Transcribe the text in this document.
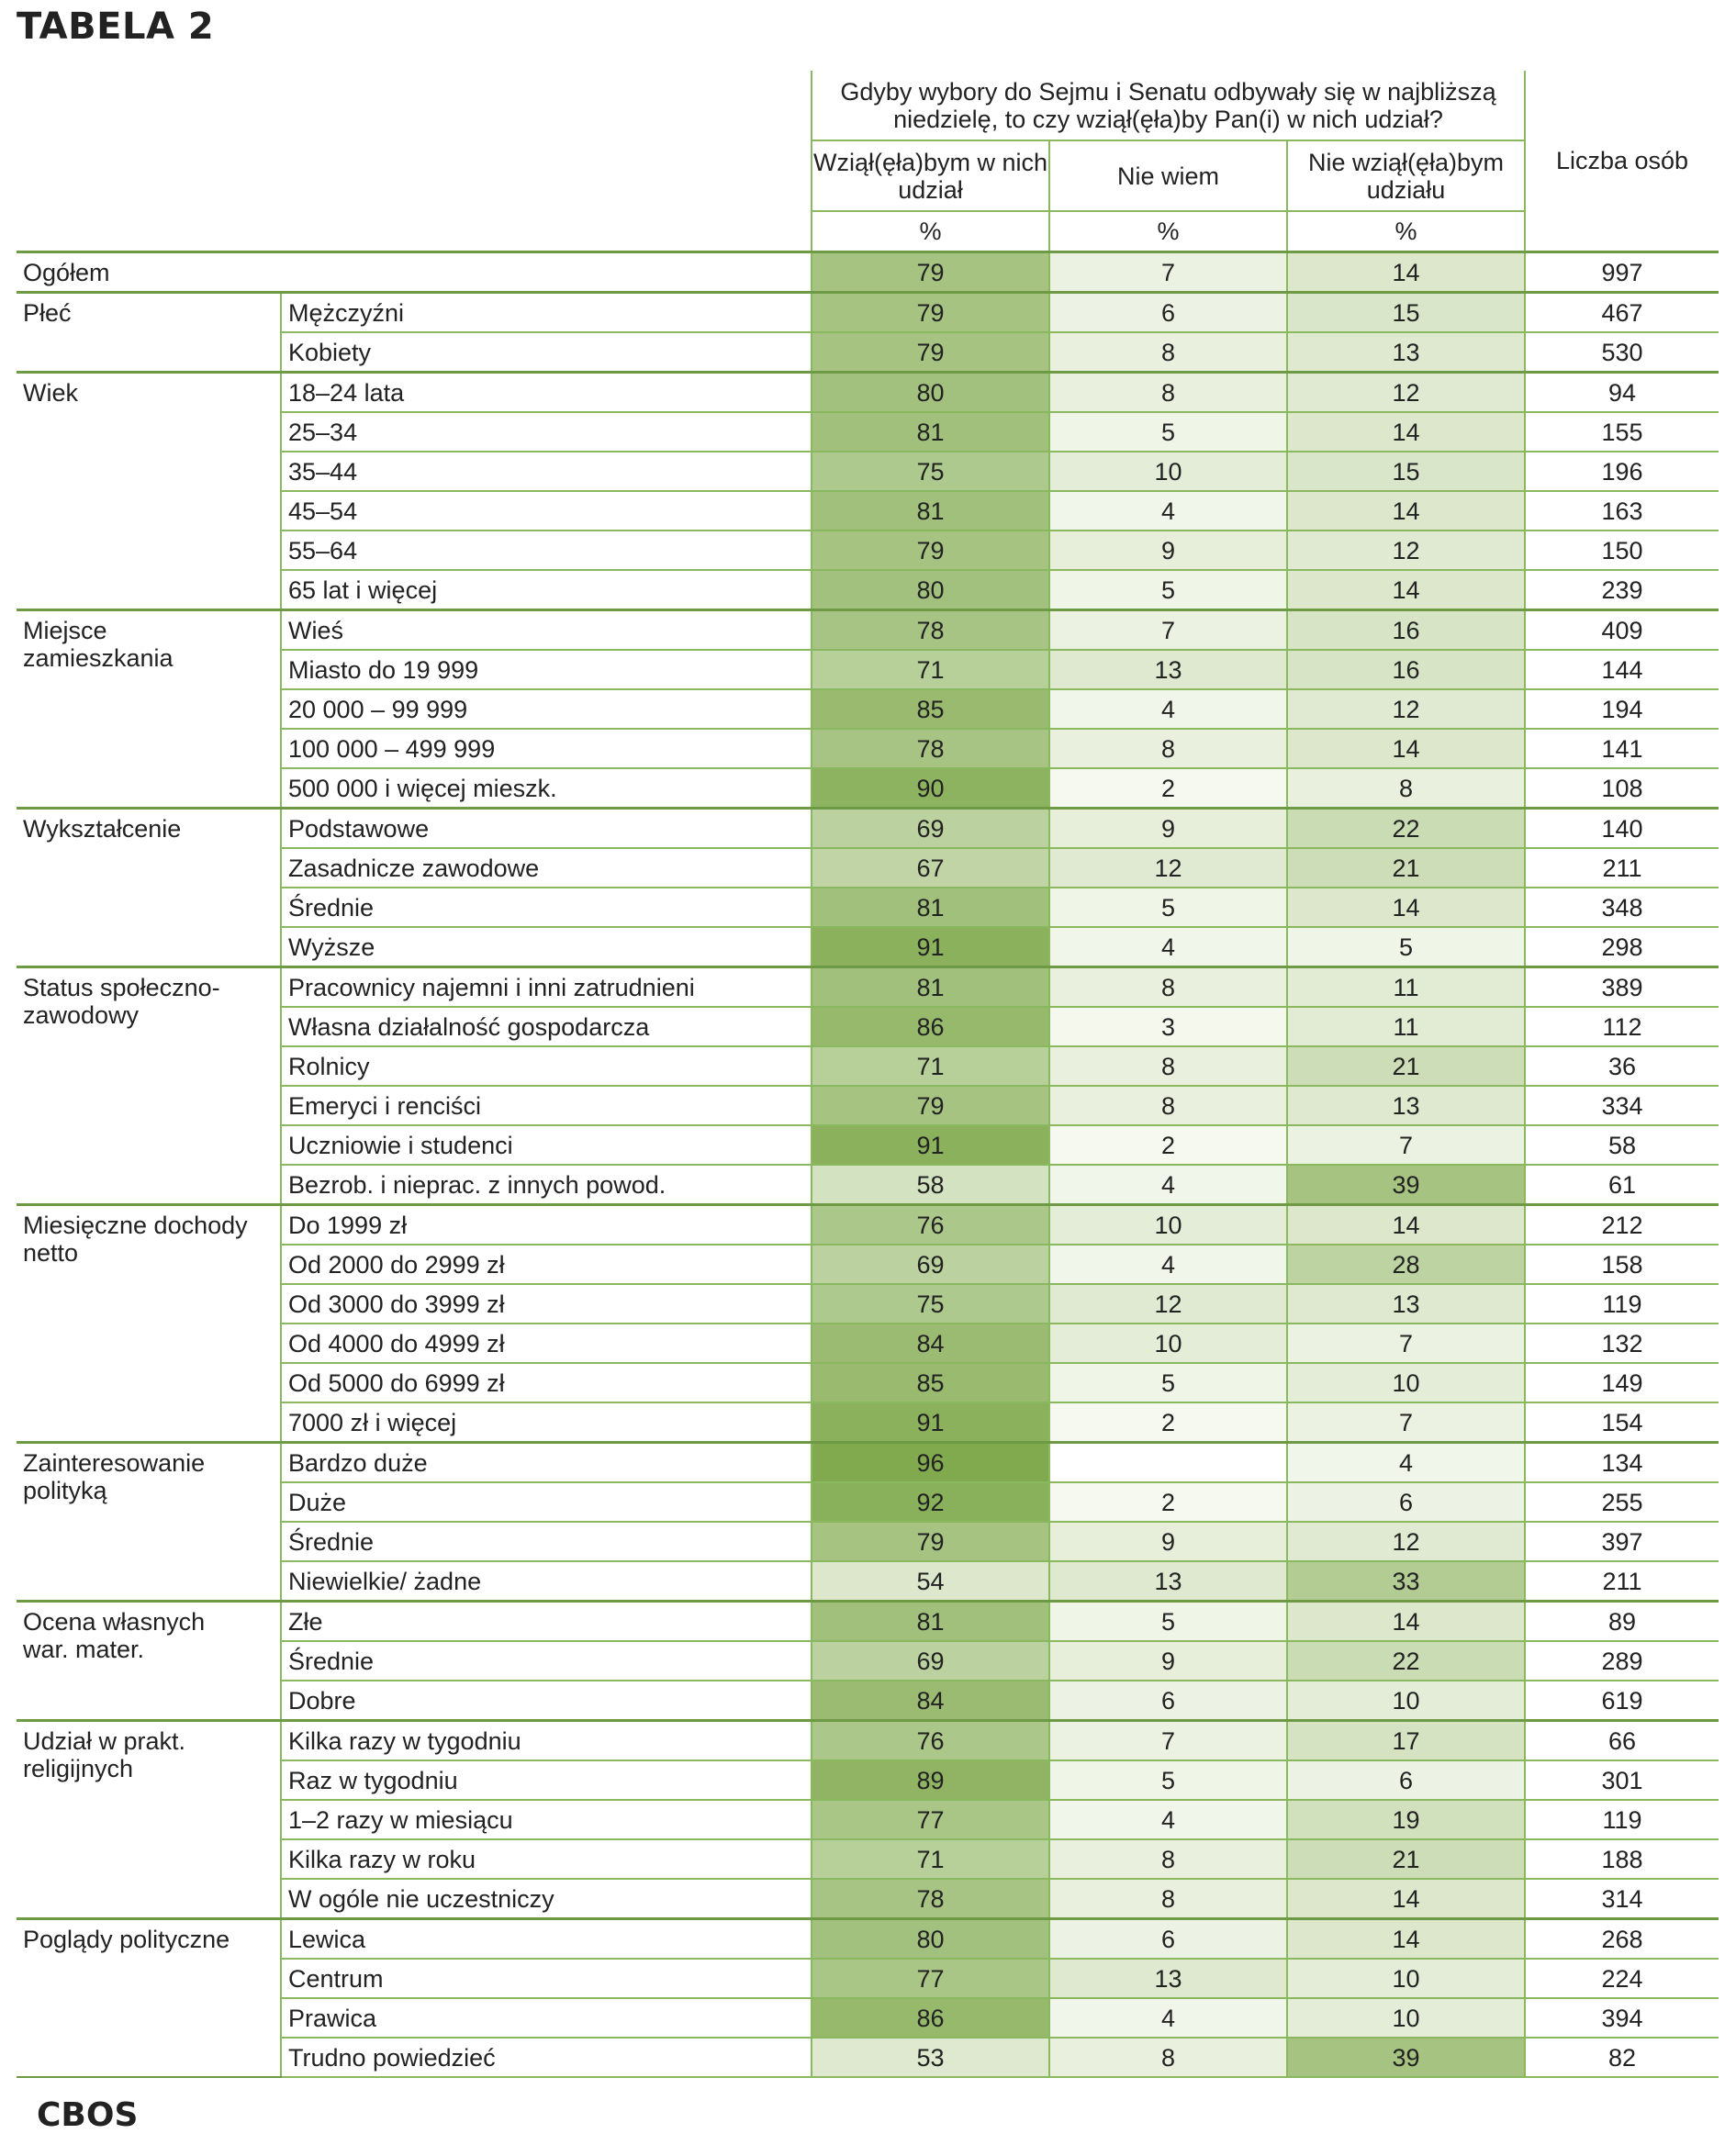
TABELA 2
		Gdyby wybory do Sejmu i Senatu odbywały się w najbliższą niedzielę, to czy wziął(ęła)by Pan(i) w nich udział?			Liczba osób
		Wziął(ęła)bym w nich udział	Nie wiem	Nie wziął(ęła)bym udziału	
		%	%	%	
Ogółem		79	7	14	997
Płeć	Mężczyźni	79	6	15	467
	Kobiety	79	8	13	530
Wiek	18–24 lata	80	8	12	94
	25–34	81	5	14	155
	35–44	75	10	15	196
	45–54	81	4	14	163
	55–64	79	9	12	150
	65 lat i więcej	80	5	14	239
Miejsce
zamieszkania	Wieś	78	7	16	409
	Miasto do 19 999	71	13	16	144
	20 000 – 99 999	85	4	12	194
	100 000 – 499 999	78	8	14	141
	500 000 i więcej mieszk.	90	2	8	108
Wykształcenie	Podstawowe	69	9	22	140
	Zasadnicze zawodowe	67	12	21	211
	Średnie	81	5	14	348
	Wyższe	91	4	5	298
Status społeczno-
zawodowy	Pracownicy najemni i inni zatrudnieni	81	8	11	389
	Własna działalność gospodarcza	86	3	11	112
	Rolnicy	71	8	21	36
	Emeryci i renciści	79	8	13	334
	Uczniowie i studenci	91	2	7	58
	Bezrob. i nieprac. z innych powod.	58	4	39	61
Miesięczne dochody
netto	Do 1999 zł	76	10	14	212
	Od 2000 do 2999 zł	69	4	28	158
	Od 3000 do 3999 zł	75	12	13	119
	Od 4000 do 4999 zł	84	10	7	132
	Od 5000 do 6999 zł	85	5	10	149
	7000 zł i więcej	91	2	7	154
Zainteresowanie
polityką	Bardzo duże	96		4	134
	Duże	92	2	6	255
	Średnie	79	9	12	397
	Niewielkie/ żadne	54	13	33	211
Ocena własnych
war. mater.	Złe	81	5	14	89
	Średnie	69	9	22	289
	Dobre	84	6	10	619
Udział w prakt.
religijnych	Kilka razy w tygodniu	76	7	17	66
	Raz w tygodniu	89	5	6	301
	1–2 razy w miesiącu	77	4	19	119
	Kilka razy w roku	71	8	21	188
	W ogóle nie uczestniczy	78	8	14	314
Poglądy polityczne	Lewica	80	6	14	268
	Centrum	77	13	10	224
	Prawica	86	4	10	394
	Trudno powiedzieć	53	8	39	82
CBOS
